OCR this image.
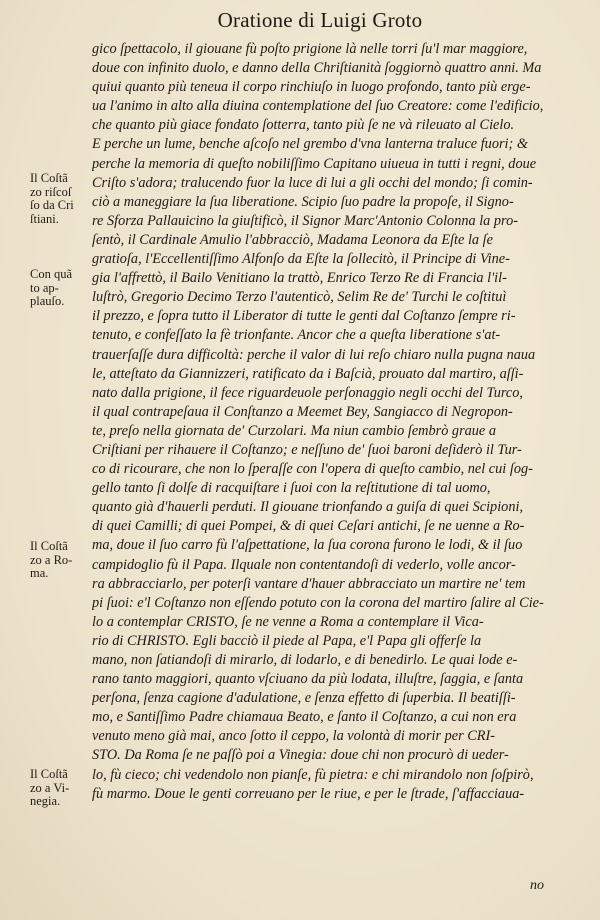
Oratione di Luigi Groto
Il Coſtã
zo riſcoſ
ſo da Cri
ſtiani.
Con quã
to ap-
plauſo.
Il Coſtã
zo a Ro-
ma.
Il Coſtã
zo a Vi-
negia.
gico ſpettacolo, il giouane fù poſto prigione là nelle torri ſu'l mar maggiore,
doue con infinito duolo, e danno della Chriſtianità ſoggiornò quattro anni. Ma
quiui quanto più teneua il corpo rinchiuſo in luogo profondo, tanto più erge-
ua l'animo in alto alla diuina contemplatione del ſuo Creatore: come l'edificio,
che quanto più giace fondato ſotterra, tanto più ſe ne và rileuato al Cielo.
E perche un lume, benche aſcoſo nel grembo d'vna lanterna traluce fuori; &
perche la memoria di queſto nobiliſſimo Capitano uiueua in tutti i regni, doue
Criſto s'adora; tralucendo fuor la luce di lui a gli occhi del mondo; ſi comin-
ciò a maneggiare la ſua liberatione. Scipio ſuo padre la propoſe, il Signo-
re Sforza Pallauicino la giuſtificò, il Signor Marc'Antonio Colonna la pro-
ſentò, il Cardinale Amulio l'abbracciò, Madama Leonora da Eſte la ſe
gratioſa, l'Eccellentiſſimo Alfonſo da Eſte la ſollecitò, il Principe di Vine-
gia l'affrettò, il Bailo Venitiano la trattò, Enrico Terzo Re di Francia l'il-
luſtrò, Gregorio Decimo Terzo l'autenticò, Selim Re de' Turchi le coſtituì
il prezzo, e ſopra tutto il Liberator di tutte le genti dal Coſtanzo ſempre ri-
tenuto, e confeſſato la fè trionfante. Ancor che a queſta liberatione s'at-
trauerſaſſe dura difficoltà: perche il valor di lui reſo chiaro nulla pugna naua
le, atteſtato da Giannizzeri, ratificato da i Baſcià, prouato dal martiro, aſſi-
nato dalla prigione, il fece riguardeuole perſonaggio negli occhi del Turco,
il qual contrapeſaua il Conſtanzo a Meemet Bey, Sangiacco di Negropon-
te, preſo nella giornata de' Curzolari. Ma niun cambio ſembrò graue a
Criſtiani per rihauere il Coſtanzo; e neſſuno de' ſuoi baroni deſiderò il Tur-
co di ricourare, che non lo ſperaſſe con l'opera di queſto cambio, nel cui ſog-
gello tanto ſi dolſe di racquiſtare i ſuoi con la reſtitutione di tal uomo,
quanto già d'hauerli perduti. Il giouane trionfando a guiſa di quei Scipioni,
di quei Camilli; di quei Pompei, & di quei Ceſari antichi, ſe ne uenne a Ro-
ma, doue il ſuo carro fù l'aſpettatione, la ſua corona furono le lodi, & il ſuo
campidoglio fù il Papa. Ilquale non contentandoſi di vederlo, volle ancor-
ra abbracciarlo, per poterſi vantare d'hauer abbracciato un martire ne' tem
pi ſuoi: e'l Coſtanzo non eſſendo potuto con la corona del martiro ſalire al Cie-
lo a contemplar CRISTO, ſe ne venne a Roma a contemplare il Vica-
rio di CHRISTO. Egli bacciò il piede al Papa, e'l Papa gli offerſe la
mano, non ſatiandoſi di mirarlo, di lodarlo, e di benedirlo. Le quai lode e-
rano tanto maggiori, quanto vſciuano da più lodata, illuſtre, ſaggia, e ſanta
perſona, ſenza cagione d'adulatione, e ſenza effetto di ſuperbia. Il beatiſſi-
mo, e Santiſſimo Padre chiamaua Beato, e ſanto il Coſtanzo, a cui non era
venuto meno già mai, anco ſotto il ceppo, la volontà di morir per CRI-
STO. Da Roma ſe ne paſſò poi a Vinegia: doue chi non procurò di ueder-
lo, fù cieco; chi vedendolo non pianſe, fù pietra: e chi mirandolo non ſoſpirò,
fù marmo. Doue le genti correuano per le riue, e per le ſtrade, ſ'affacciaua-
no
